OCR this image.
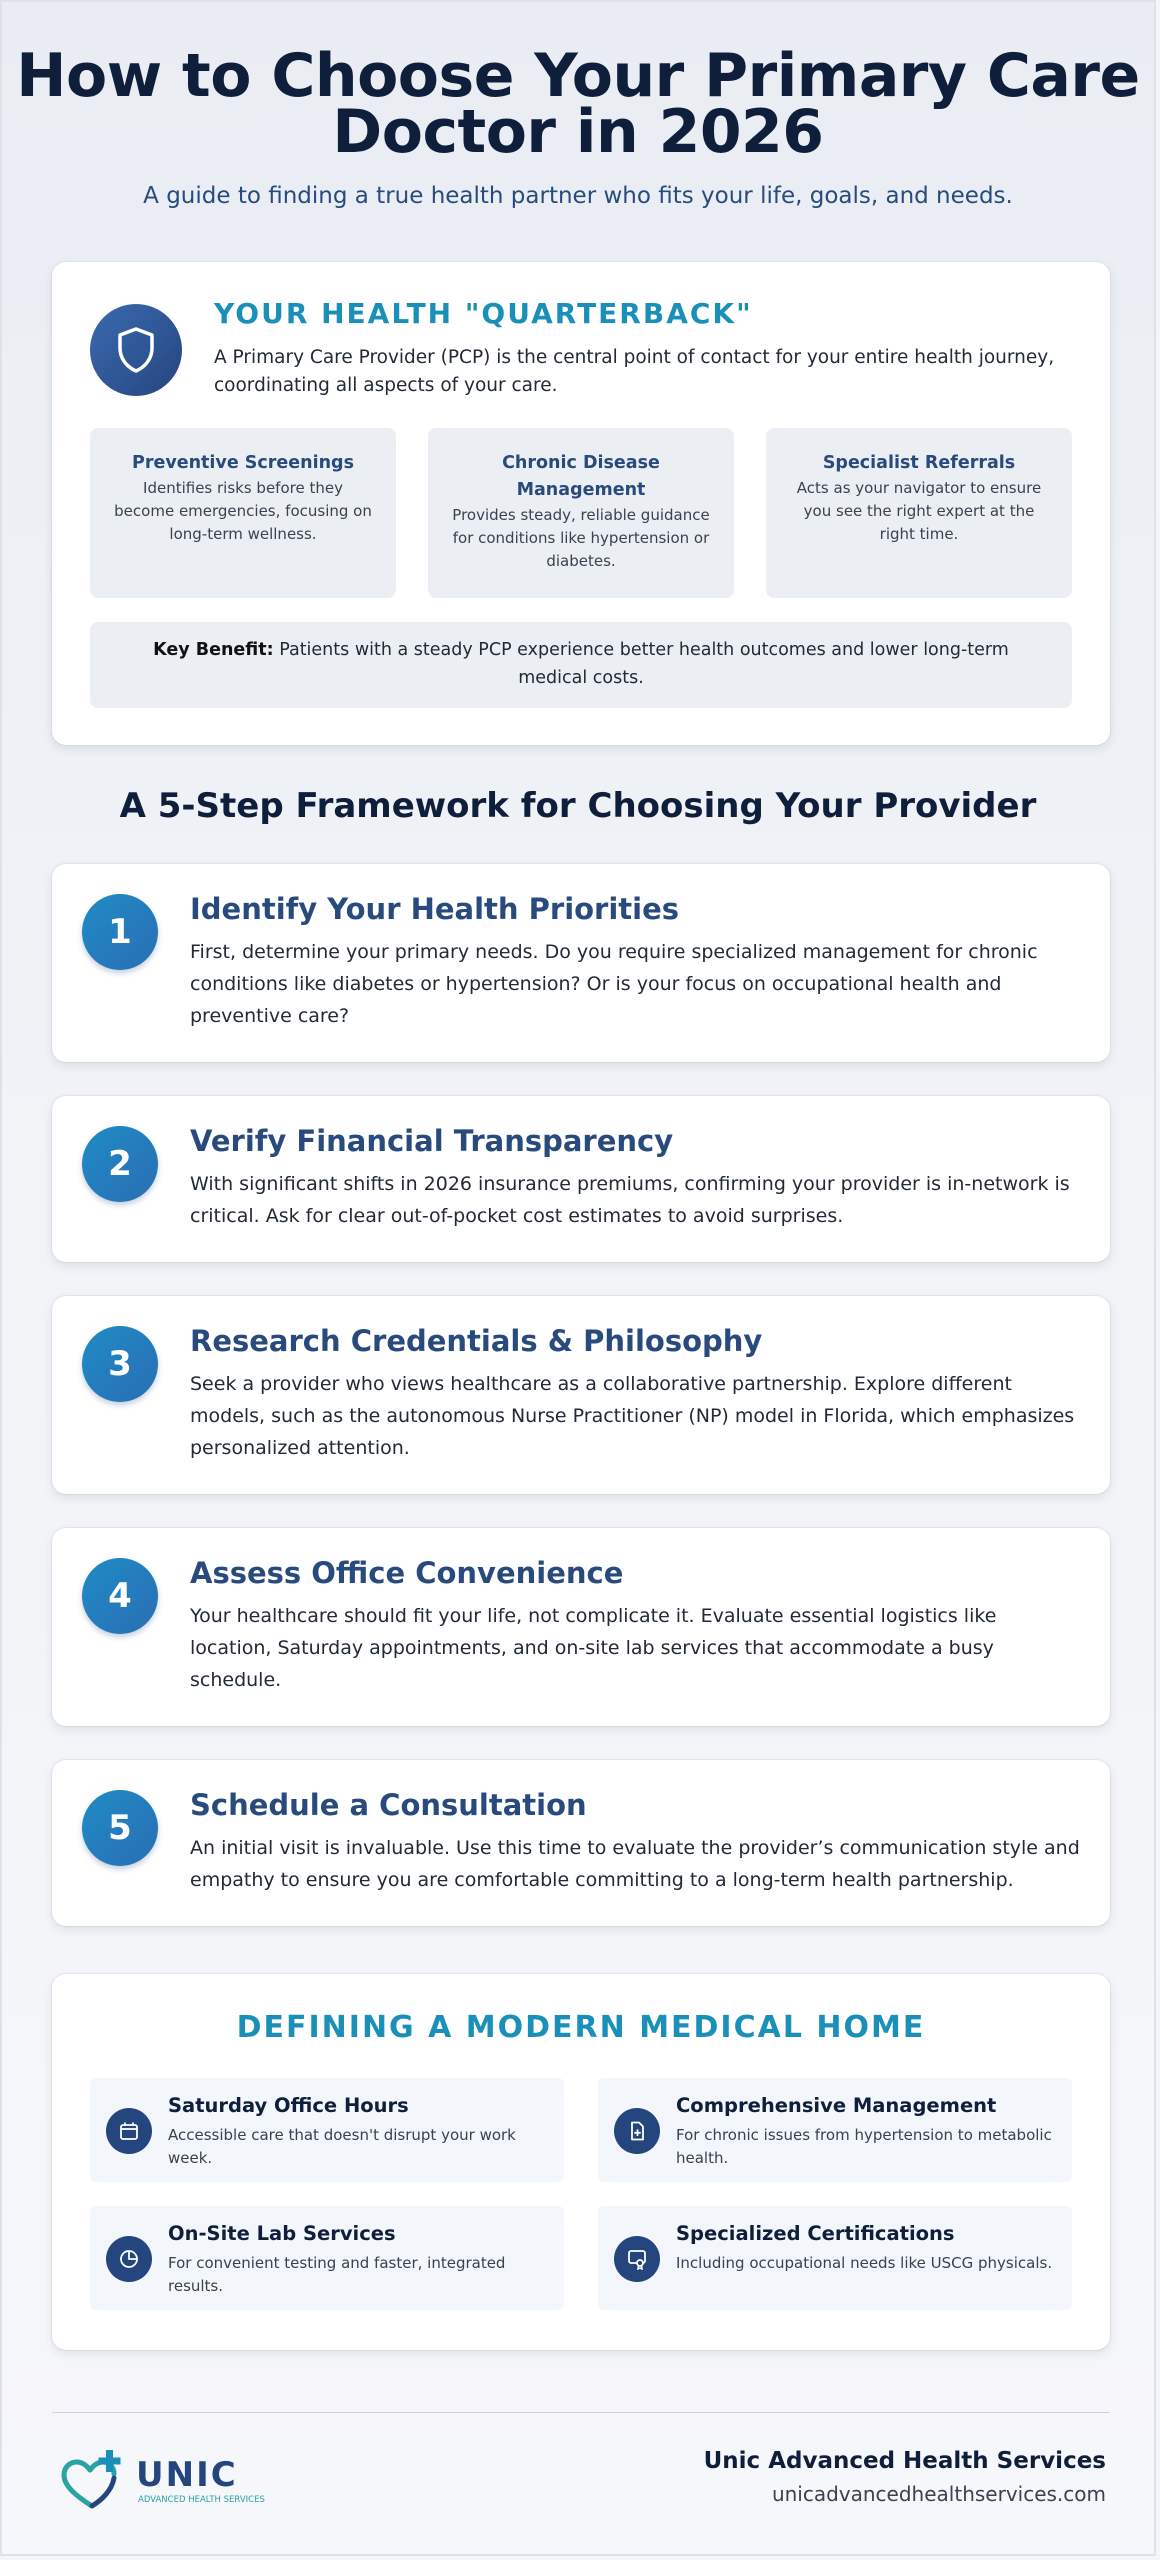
How to Choose Your Primary Care
Doctor in 2026
A guide to finding a true health partner who fits your life, goals, and needs.
YOUR HEALTH "QUARTERBACK"
A Primary Care Provider (PCP) is the central point of contact for your entire health journey, coordinating all aspects of your care.
Preventive Screenings
Identifies risks before they become emergencies, focusing on long-term wellness.
Chronic Disease Management
Provides steady, reliable guidance for conditions like hypertension or diabetes.
Specialist Referrals
Acts as your navigator to ensure you see the right expert at the right time.
Key Benefit: Patients with a steady PCP experience better health outcomes and lower long-term medical costs.
A 5-Step Framework for Choosing Your Provider
1
Identify Your Health Priorities
First, determine your primary needs. Do you require specialized management for chronic conditions like diabetes or hypertension? Or is your focus on occupational health and preventive care?
2
Verify Financial Transparency
With significant shifts in 2026 insurance premiums, confirming your provider is in-network is critical. Ask for clear out-of-pocket cost estimates to avoid surprises.
3
Research Credentials & Philosophy
Seek a provider who views healthcare as a collaborative partnership. Explore different models, such as the autonomous Nurse Practitioner (NP) model in Florida, which emphasizes personalized attention.
4
Assess Office Convenience
Your healthcare should fit your life, not complicate it. Evaluate essential logistics like location, Saturday appointments, and on-site lab services that accommodate a busy schedule.
5
Schedule a Consultation
An initial visit is invaluable. Use this time to evaluate the provider’s communication style and empathy to ensure you are comfortable committing to a long-term health partnership.
DEFINING A MODERN MEDICAL HOME
Saturday Office Hours
Accessible care that doesn't disrupt your work week.
Comprehensive Management
For chronic issues from hypertension to metabolic health.
On-Site Lab Services
For convenient testing and faster, integrated results.
Specialized Certifications
Including occupational needs like USCG physicals.
UNIC
ADVANCED HEALTH SERVICES
Unic Advanced Health Services
unicadvancedhealthservices.com
